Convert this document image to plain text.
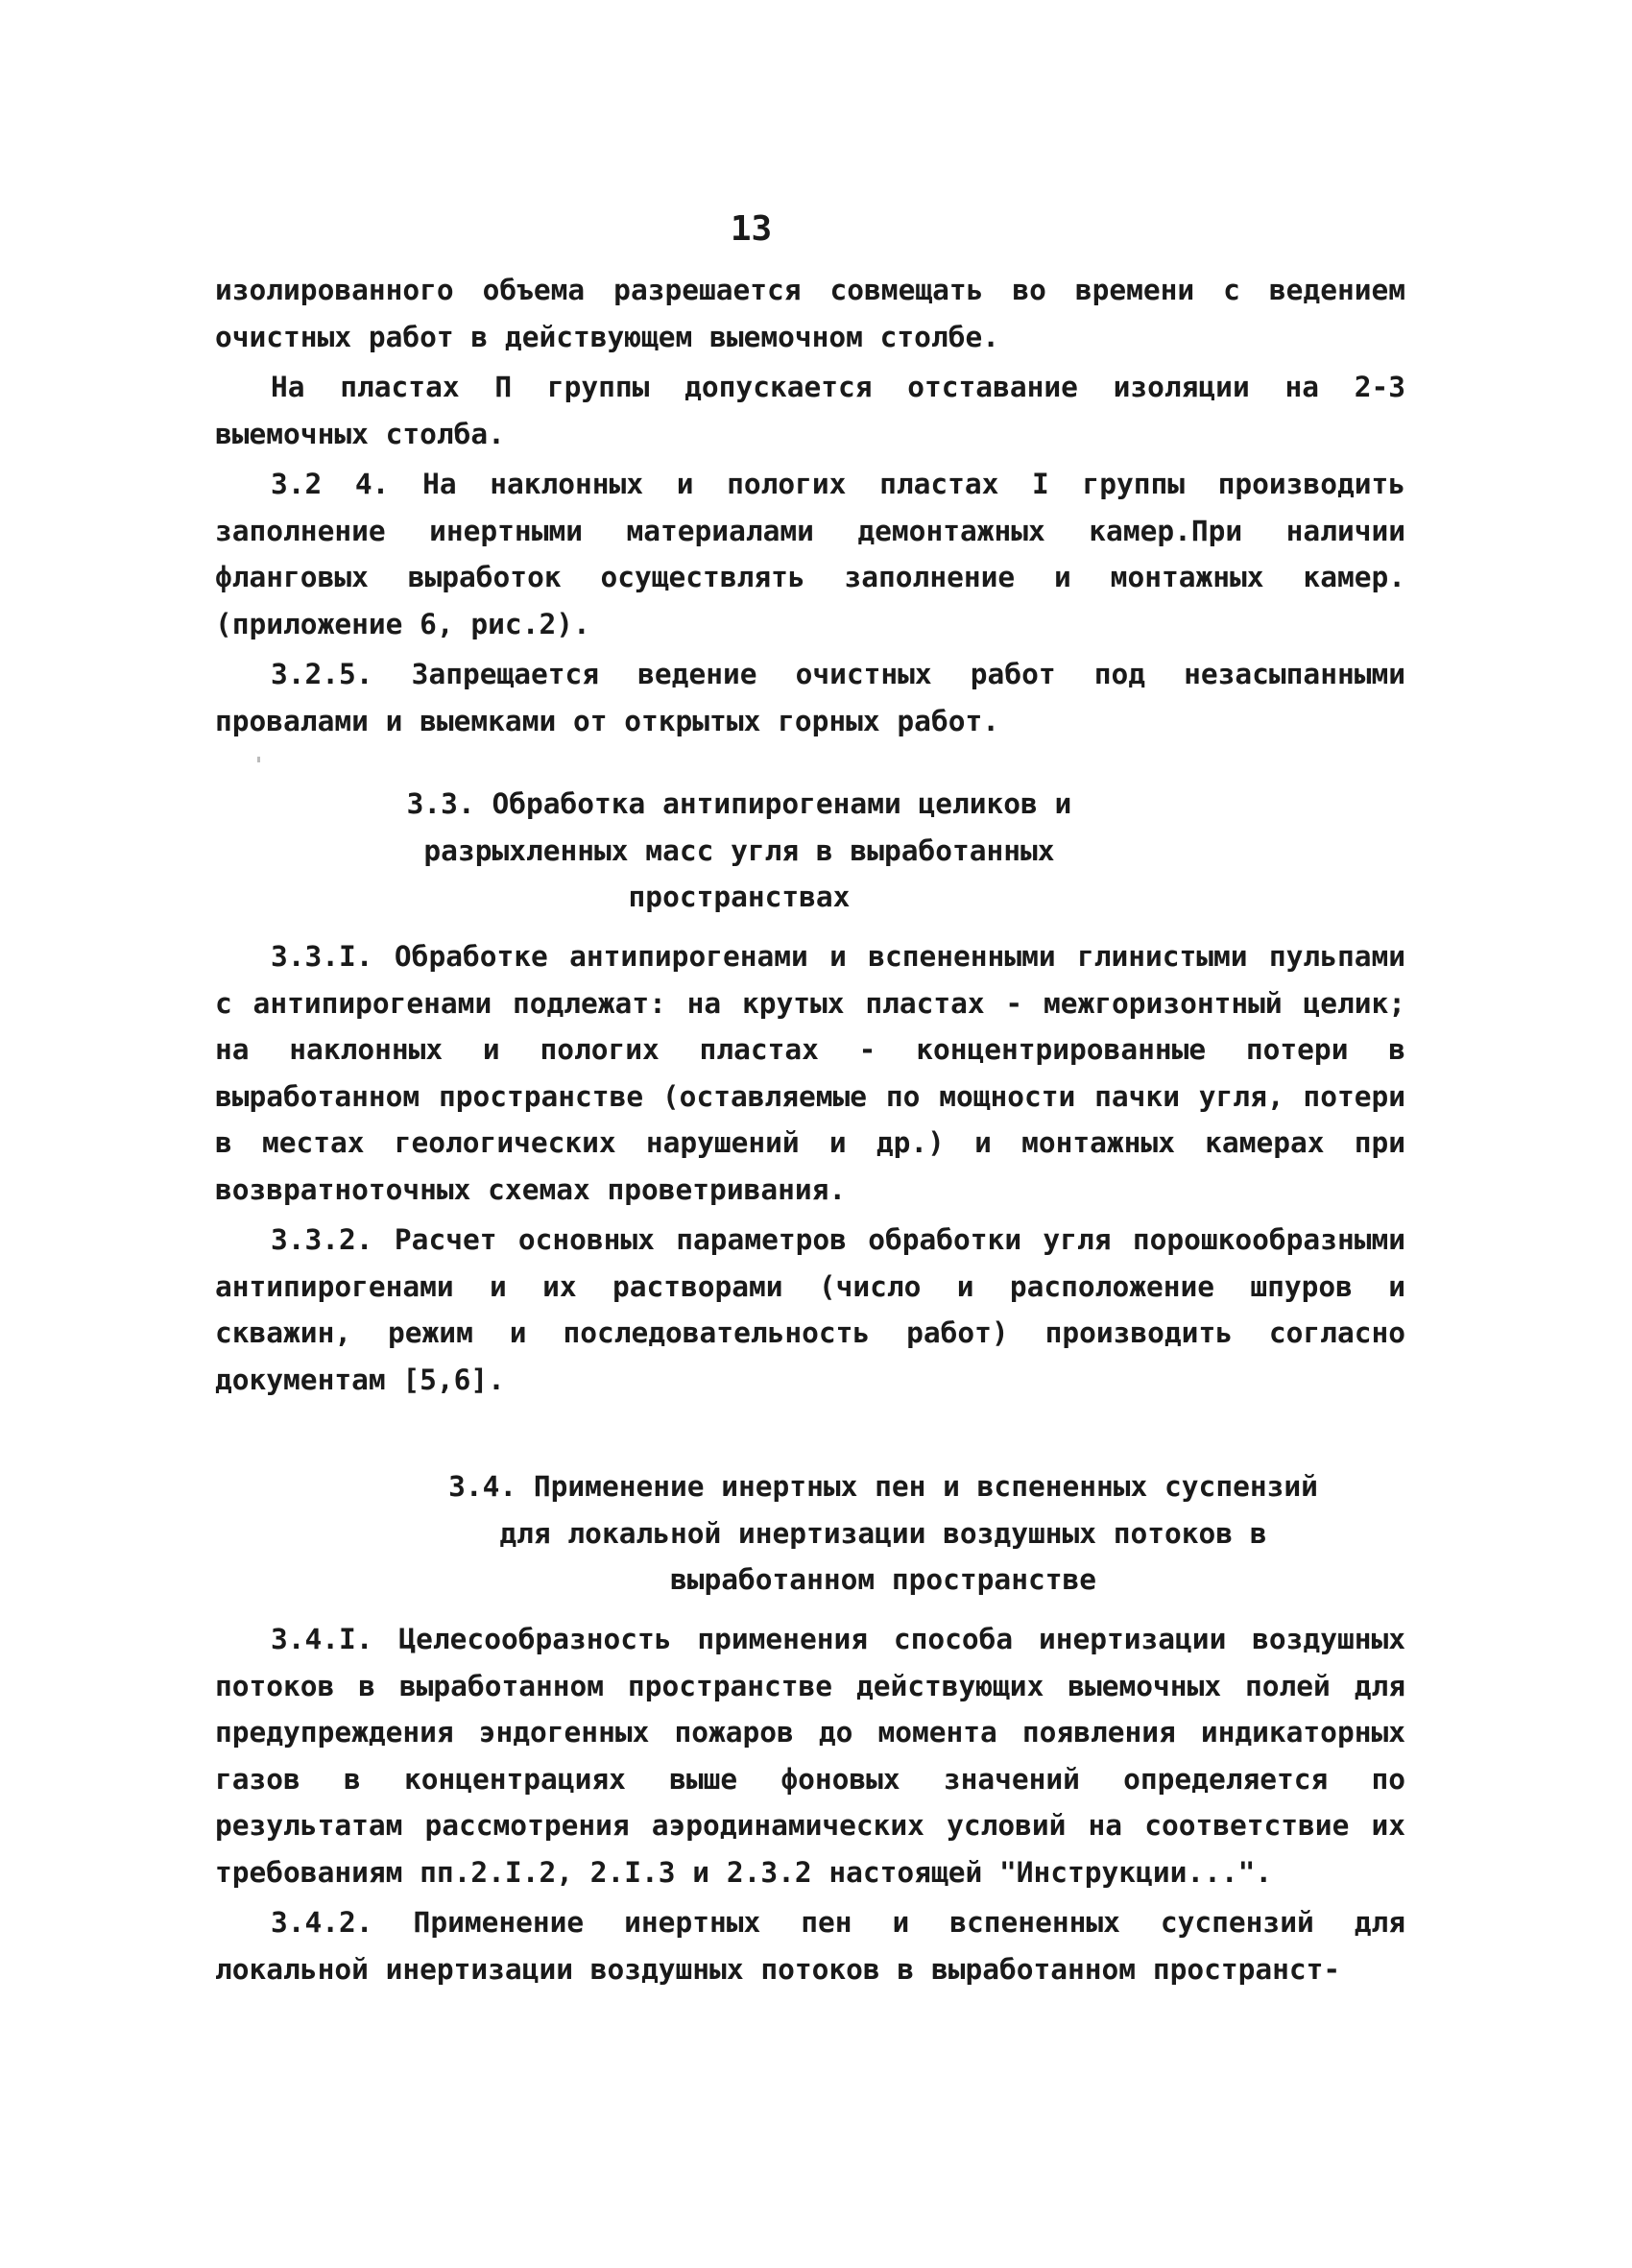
13

изолированного объема разрешается совмещать во времени с ведением очистных работ в действующем выемочном столбе.

На пластах П группы допускается отставание изоляции на 2-3 выемочных столба.

3.2 4. На наклонных и пологих пластах I группы производить заполнение инертными материалами демонтажных камер.При наличии фланговых выработок осуществлять заполнение и монтажных камер. (приложение 6, рис.2).

3.2.5. Запрещается ведение очистных работ под незасыпанными провалами и выемками от открытых горных работ.

3.3. Обработка антипирогенами целиков и
разрыхленных масс угля в выработанных
пространствах

3.3.I. Обработке антипирогенами и вспененными глинистыми пульпами с антипирогенами подлежат: на крутых пластах - межгоризонтный целик; на наклонных и пологих пластах - концентрированные потери в выработанном пространстве (оставляемые по мощности пачки угля, потери в местах геологических нарушений и др.) и монтажных камерах при возвратноточных схемах проветривания.

3.3.2. Расчет основных параметров обработки угля порошкообразными антипирогенами и их растворами (число и расположение шпуров и скважин, режим и последовательность работ) производить согласно документам [5,6].

3.4. Применение инертных пен и вспененных суспензий
для локальной инертизации воздушных потоков в
выработанном пространстве

3.4.I. Целесообразность применения способа инертизации воздушных потоков в выработанном пространстве действующих выемочных полей для предупреждения эндогенных пожаров до момента появления индикаторных газов в концентрациях выше фоновых значений определяется по результатам рассмотрения аэродинамических условий на соответствие их требованиям пп.2.I.2, 2.I.3 и 2.3.2 настоящей "Инструкции...".

3.4.2. Применение инертных пен и вспененных суспензий для локальной инертизации воздушных потоков в выработанном пространст-
